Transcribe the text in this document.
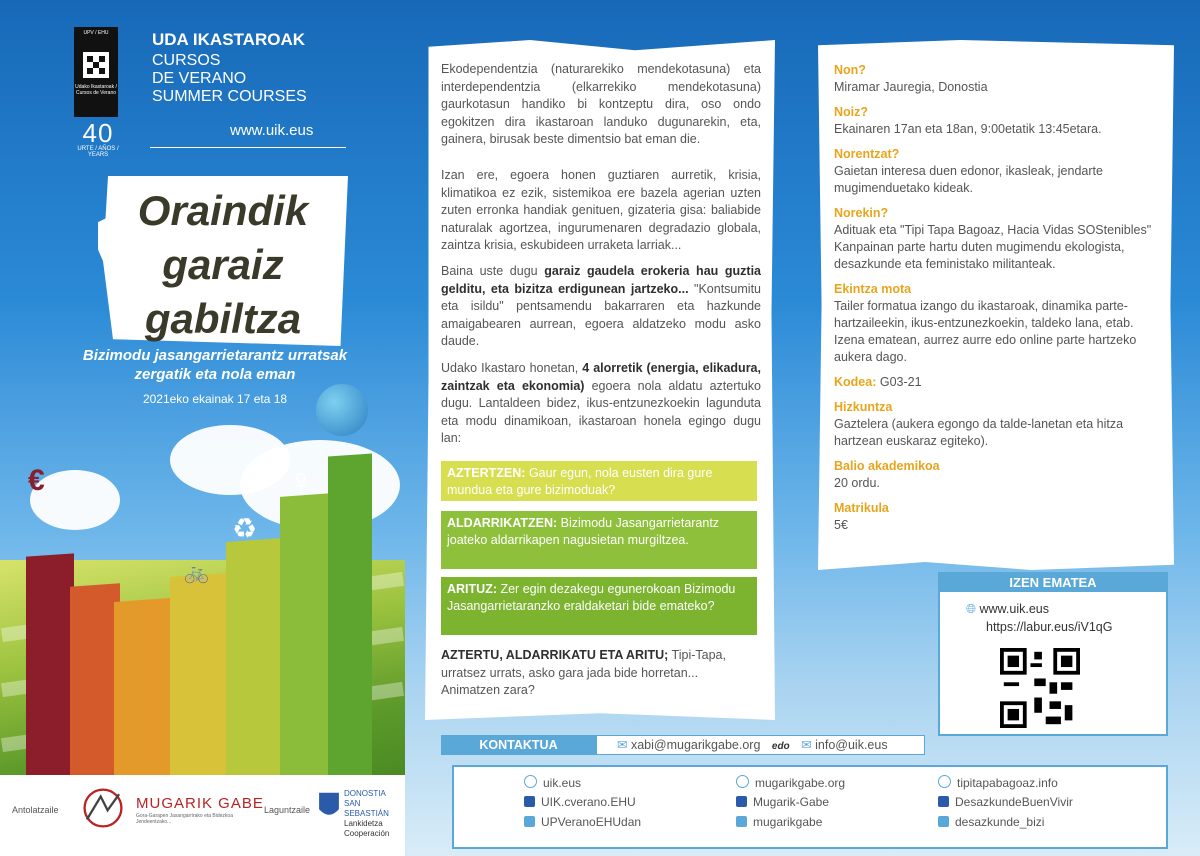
UPV / EHU
Udako Ikastaroak / Cursos de Verano
40
URTE / AÑOS / YEARS
UDA IKASTAROAK
CURSOS
DE VERANO
SUMMER COURSES
www.uik.eus
Oraindik
garaiz
gabiltza
Bizimodu jasangarrietarantz urratsak
zergatik eta nola eman
2021eko ekainak 17 eta 18
€
♻
♀
🚲
Antolatzaile	MUGARIK GABE
Gora-Garapen Jasangarrirako eta Bidezkoa Jendeentzako...
Laguntzaile
DONOSTIA
SAN SEBASTIÁN
Lankidetza
Cooperación
Ekodependentzia (naturarekiko mendekotasuna) eta interdependentzia (elkarrekiko mendekotasuna) gaurkotasun handiko bi kontzeptu dira, oso ondo egokitzen dira ikastaroan landuko dugunarekin, eta, gainera, birusak beste dimentsio bat eman die.
Izan ere, egoera honen guztiaren aurretik, krisia, klimatikoa ez ezik, sistemikoa ere bazela agerian uzten zuten erronka handiak genituen, gizateria gisa: baliabide naturalak agortzea, ingurumenaren degradazio globala, zaintza krisia, eskubideen urraketa larriak...
Baina uste dugu garaiz gaudela erokeria hau guztia gelditu, eta bizitza erdigunean jartzeko... "Kontsumitu eta isildu" pentsamendu bakarraren eta hazkunde amaigabearen aurrean, egoera aldatzeko modu asko daude.
Udako Ikastaro honetan, 4 alorretik (energia, elikadura, zaintzak eta ekonomia) egoera nola aldatu aztertuko dugu. Lantaldeen bidez, ikus-entzunezkoekin lagunduta eta modu dinamikoan, ikastaroan honela egingo dugu lan:
AZTERTZEN: Gaur egun, nola eusten dira gure mundua eta gure bizimoduak?
ALDARRIKATZEN: Bizimodu Jasangarrietarantz joateko aldarrikapen nagusietan murgiltzea.
ARITUZ: Zer egin dezakegu egunerokoan Bizimodu Jasangarrietaranzko eraldaketari bide emateko?
AZTERTU, ALDARRIKATU ETA ARITU; Tipi-Tapa, urratsez urrats, asko gara jada bide horretan... Animatzen zara?
Non?
Miramar Jauregia, Donostia
Noiz?
Ekainaren 17an eta 18an, 9:00etatik 13:45etara.
Norentzat?
Gaietan interesa duen edonor, ikasleak, jendarte mugimenduetako kideak.
Norekin?
Adituak eta "Tipi Tapa Bagoaz, Hacia Vidas SOStenibles" Kanpainan parte hartu duten mugimendu ekologista, desazkunde eta feministako militanteak.
Ekintza mota
Tailer formatua izango du ikastaroak, dinamika parte-hartzaileekin, ikus-entzunezkoekin, taldeko lana, etab. Izena ematean, aurrez aurre edo online parte hartzeko aukera dago.
Kodea: G03-21
Hizkuntza
Gaztelera (aukera egongo da talde-lanetan eta hitza hartzean euskaraz egiteko).
Balio akademikoa
20 ordu.
Matrikula
5€
IZEN EMATEA
🌐︎ www.uik.eus
https://labur.eus/iV1qG
KONTAKTUA	✉ xabi@mugarikgabe.org edo ✉ info@uik.eus
uik.eus
UIK.cverano.EHU
UPVeranoEHUdan
mugarikgabe.org
Mugarik-Gabe
mugarikgabe
tipitapabagoaz.info
DesazkundeBuenVivir
desazkunde_bizi
